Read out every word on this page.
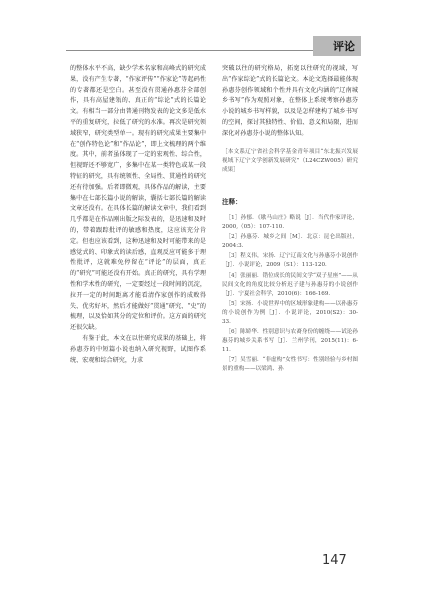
评论

的整体水平不高，缺少学术名家和高峰式的研究成果，没有产生专著，“作家评传”“作家论”等起码性的专著都还是空白。甚至没有贯通孙惠芬全部创作，具有高屋建瓴的、真正的“综论”式的长篇论文。有相当一部分由普通刊物发表的论文多是低水平的重复研究，拉低了研究的水准。再次是研究领域狭窄，研究类型单一。现有的研究成果主要集中在“创作特色论”和“作品论”，即上文梳理的两个维度。其中，前者虽体现了一定的宏观性、综合性，但视野还不够宽广，多集中在某一类特色或某一段特征的研究，具有统领性、全局性、贯通性的研究还有待加强。后者即微观，具体作品的解读，主要集中在七部长篇小说的解读，囊括七部长篇的解读文章还没有。在具体长篇的解读文章中，我们看到几乎都是在作品刚出版之际发表的，是迅速和及时的，带着跟踪批评的敏感和热度，这应该充分肯定。但也应该看到，这种迅速和及时可能带来的是感觉式的、印象式的读后感，直观反应可能多于理性批评，这就难免停留在“评论”的层面，真正的“研究”可能还没有开始。真正的研究，具有学理性和学术性的研究，一定要经过一段时间的沉淀，拉开一定的时间距离才能看清作家创作的成败得失、优劣好坏，然后才能做好“贯通”研究、“史”的梳理，以及恰如其分的定位和评价。这方面的研究还很欠缺。

有鉴于此，本文在以往研究成果的基础上，将孙惠芬的中短篇小说也纳入研究视野，试图作系统、宏观和综合研究，力求

突破以往的研究格局，拓宽以往研究的视域，写出“作家综论”式的长篇论文。本论文选择最能体现孙惠芬创作领域和个性并具有文化内涵的“辽南城乡书写”作为观照对象，在整体上系统考察孙惠芬小说的城乡书写样貌，以及是怎样建构了城乡书写的空间，探讨其独特性、价值、意义和局限，进而深化对孙惠芬小说的整体认知。

［本文系辽宁省社会科学基金青年项目“东北振兴发展视域下辽宁文学创新发展研究”（L24CZW005）研究成果］
注释：
［1］孙郁．《歇马山庄》略说［J］．当代作家评论，2000,（05）：107-110．
［2］孙惠芬．城乡之间［M］．北京：昆仑出版社，2004:3．
［3］程义伟，宋扬．辽宁辽南文化与孙惠芬小说创作［J］．小说评论，2009（S1）：113-120．
［4］张丽丽．错位成长的民间文学“双子星座”——从民间文化的角度比较分析迟子建与孙惠芬的小说创作［J］．宁夏社会科学，2010(6)：166-169．
［5］宋扬．小说世界中的区域形象建构——以孙惠芬的小说创作为例［J］．小说评论，2010(S2)：30-33．
［6］陈娇华．性别意识与农裔身份的缠绕——试论孙惠芬的城乡关系书写［J］．兰州学刊，2015(11)：6-11．
［7］吴雪丽．“非虚构”女性书写：性别经验与乡村图景的重构——以梁鸿、孙
147
